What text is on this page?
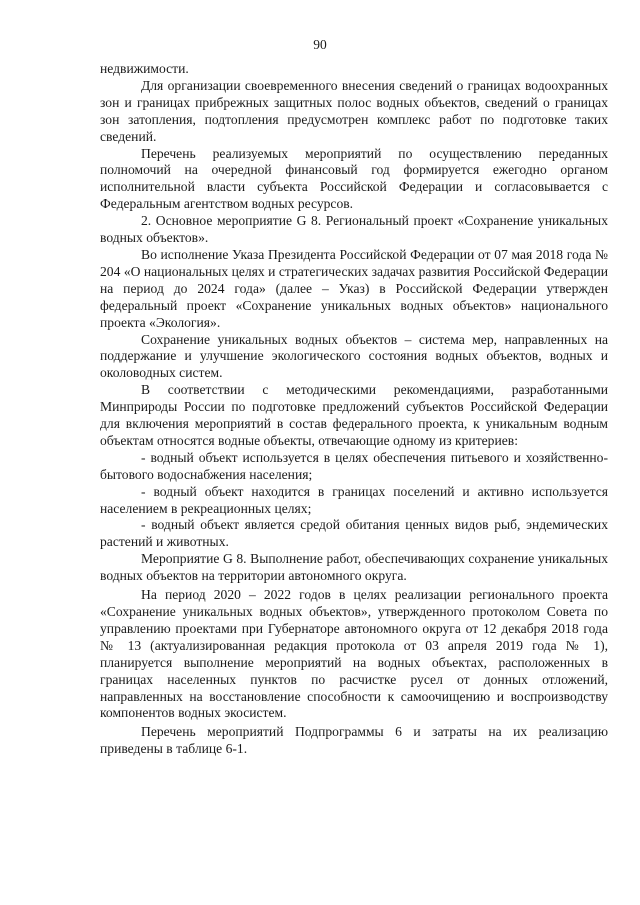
90

недвижимости.

Для организации своевременного внесения сведений о границах водоохранных зон и границах прибрежных защитных полос водных объектов, сведений о границах зон затопления, подтопления предусмотрен комплекс работ по подготовке таких сведений.

Перечень реализуемых мероприятий по осуществлению переданных полномочий на очередной финансовый год формируется ежегодно органом исполнительной власти субъекта Российской Федерации и согласовывается с Федеральным агентством водных ресурсов.

2. Основное мероприятие G 8. Региональный проект «Сохранение уникальных водных объектов».

Во исполнение Указа Президента Российской Федерации от 07 мая 2018 года № 204 «О национальных целях и стратегических задачах развития Российской Федерации на период до 2024 года» (далее – Указ) в Российской Федерации утвержден федеральный проект «Сохранение уникальных водных объектов» национального проекта «Экология».

Сохранение уникальных водных объектов – система мер, направленных на поддержание и улучшение экологического состояния водных объектов, водных и околоводных систем.

В соответствии с методическими рекомендациями, разработанными Минприроды России по подготовке предложений субъектов Российской Федерации для включения мероприятий в состав федерального проекта, к уникальным водным объектам относятся водные объекты, отвечающие одному из критериев:

- водный объект используется в целях обеспечения питьевого и хозяйственно-бытового водоснабжения населения;

- водный объект находится в границах поселений и активно используется населением в рекреационных целях;

- водный объект является средой обитания ценных видов рыб, эндемических растений и животных.

Мероприятие G 8. Выполнение работ, обеспечивающих сохранение уникальных водных объектов на территории автономного округа.

На период 2020 – 2022 годов в целях реализации регионального проекта «Сохранение уникальных водных объектов», утвержденного протоколом Совета по управлению проектами при Губернаторе автономного округа от 12 декабря 2018 года № 13 (актуализированная редакция протокола от 03 апреля 2019 года № 1), планируется выполнение мероприятий на водных объектах, расположенных в границах населенных пунктов по расчистке русел от донных отложений, направленных на восстановление способности к самоочищению и воспроизводству компонентов водных экосистем.

Перечень мероприятий Подпрограммы 6 и затраты на их реализацию приведены в таблице 6-1.
